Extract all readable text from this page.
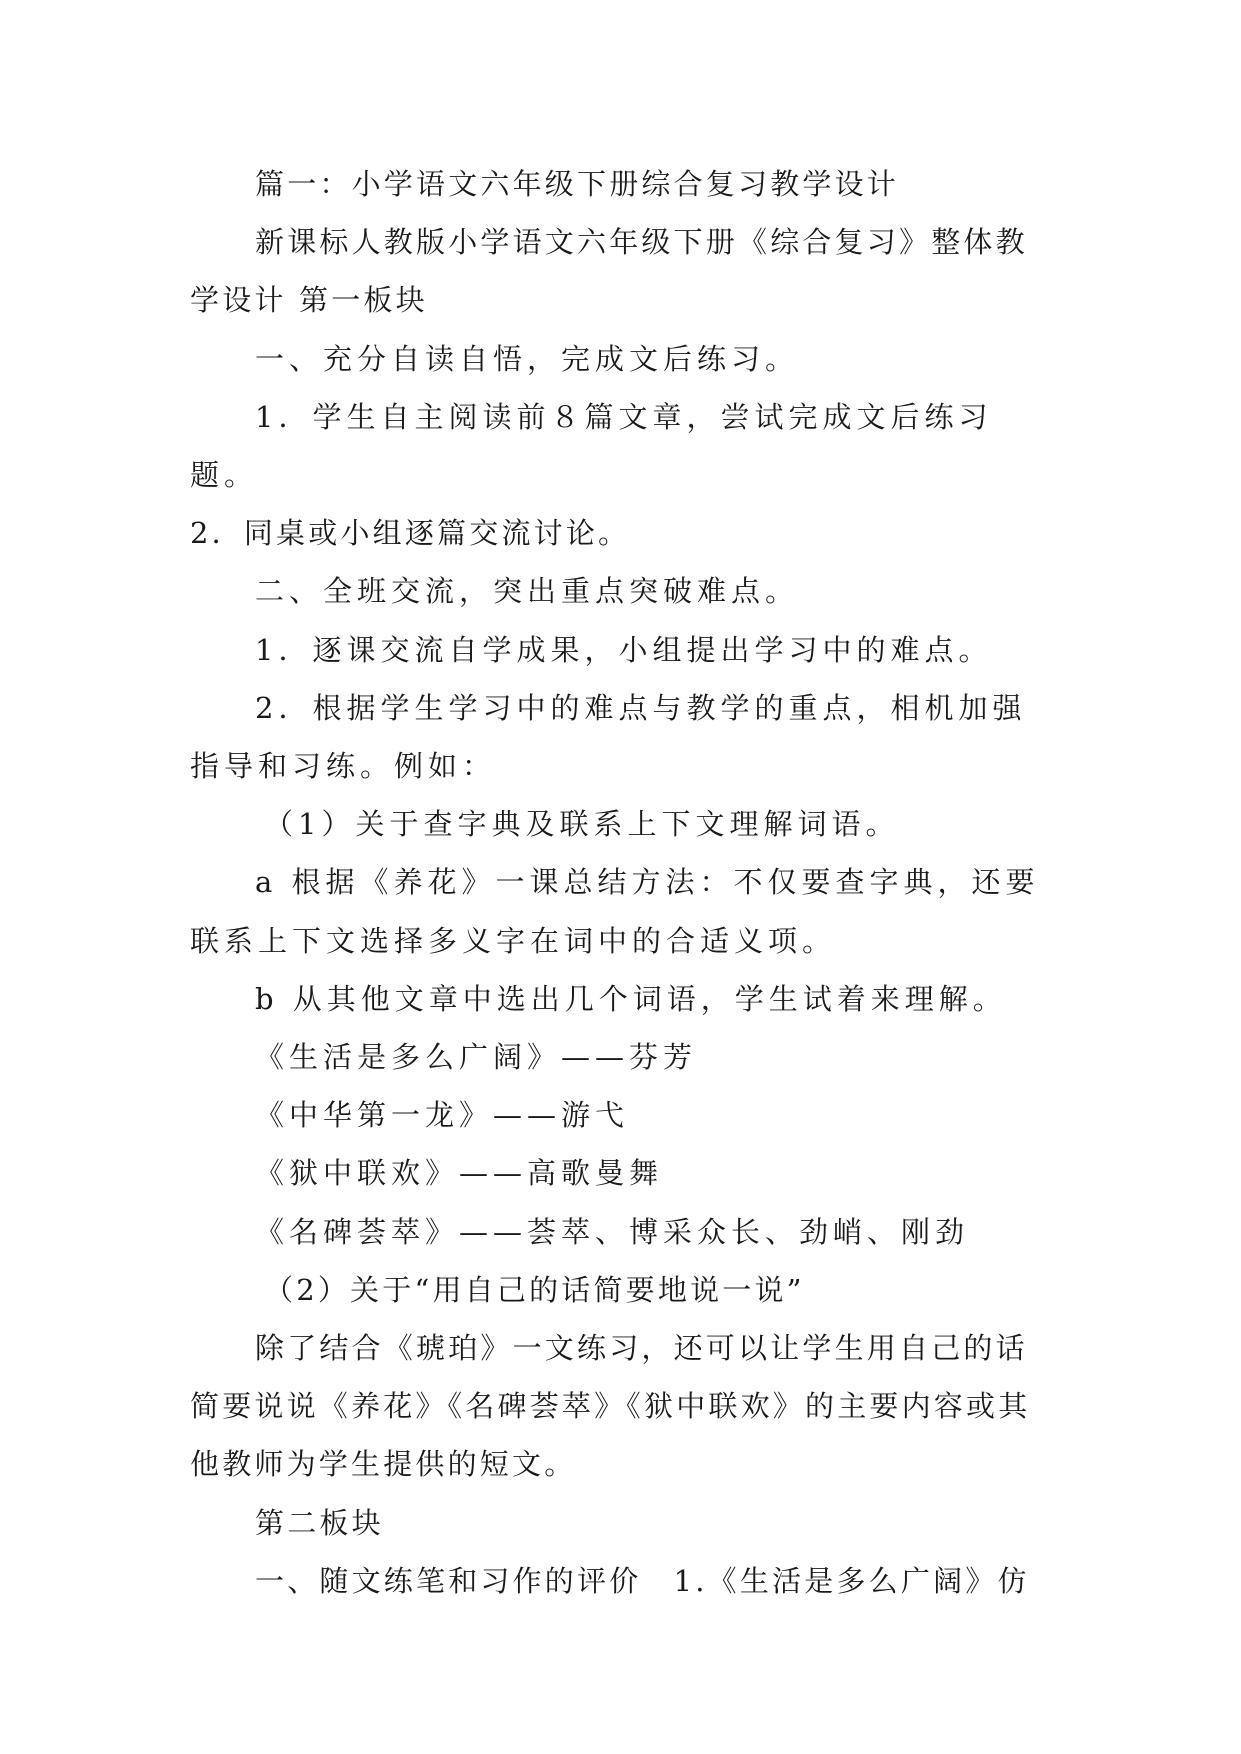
篇一：小学语文六年级下册综合复习教学设计

新课标人教版小学语文六年级下册《综合复习》整体教学设计 第一板块

一、充分自读自悟，完成文后练习。

1．学生自主阅读前８篇文章，尝试完成文后练习题。

2．同桌或小组逐篇交流讨论。

二、全班交流，突出重点突破难点。

1．逐课交流自学成果，小组提出学习中的难点。

2．根据学生学习中的难点与教学的重点，相机加强指导和习练。例如：

（1）关于查字典及联系上下文理解词语。

a 根据《养花》一课总结方法：不仅要查字典，还要联系上下文选择多义字在词中的合适义项。

b 从其他文章中选出几个词语，学生试着来理解。

《生活是多么广阔》——芬芳

《中华第一龙》——游弋

《狱中联欢》——高歌曼舞

《名碑荟萃》——荟萃、博采众长、劲峭、刚劲

（2）关于“用自己的话简要地说一说”

除了结合《琥珀》一文练习，还可以让学生用自己的话简要说说《养花》《名碑荟萃》《狱中联欢》的主要内容或其他教师为学生提供的短文。

第二板块

一、随文练笔和习作的评价　1.《生活是多么广阔》仿
